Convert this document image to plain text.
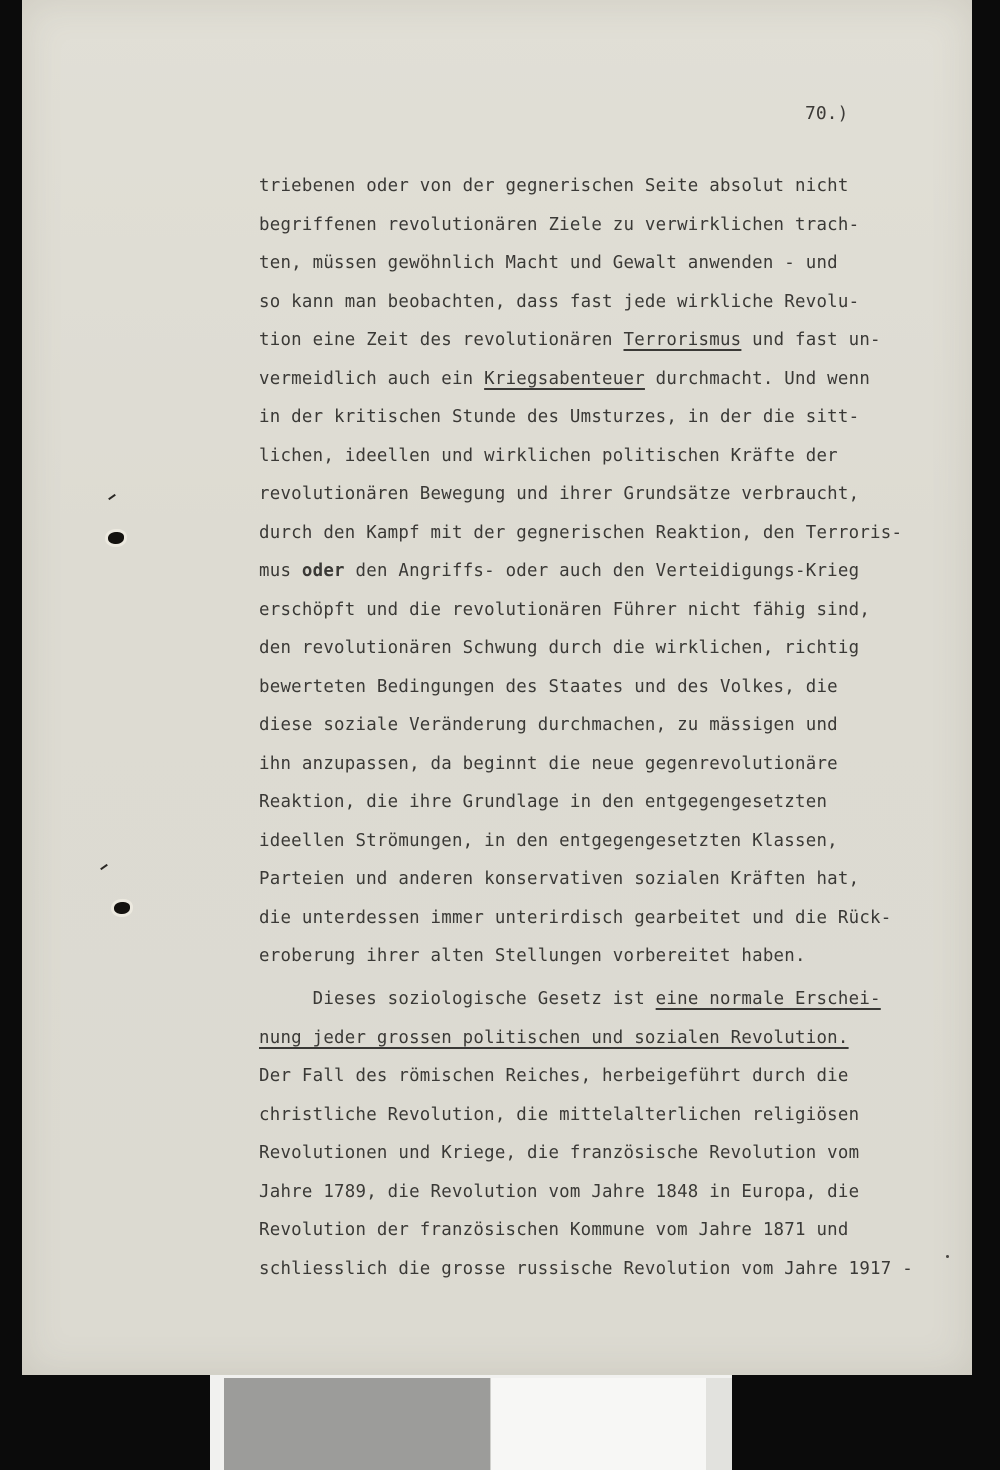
70.)
triebenen oder von der gegnerischen Seite absolut nicht
begriffenen revolutionären Ziele zu verwirklichen trach-
ten, müssen gewöhnlich Macht und Gewalt anwenden - und
so kann man beobachten, dass fast jede wirkliche Revolu-
tion eine Zeit des revolutionären Terrorismus und fast un-
vermeidlich auch ein Kriegsabenteuer durchmacht. Und wenn
in der kritischen Stunde des Umsturzes, in der die sitt-
lichen, ideellen und wirklichen politischen Kräfte der
revolutionären Bewegung und ihrer Grundsätze verbraucht,
durch den Kampf mit der gegnerischen Reaktion, den Terroris-
mus oder den Angriffs- oder auch den Verteidigungs-Krieg
erschöpft und die revolutionären Führer nicht fähig sind,
den revolutionären Schwung durch die wirklichen, richtig
bewerteten Bedingungen des Staates und des Volkes, die
diese soziale Veränderung durchmachen, zu mässigen und
ihn anzupassen, da beginnt die neue gegenrevolutionäre
Reaktion, die ihre Grundlage in den entgegengesetzten
ideellen Strömungen, in den entgegengesetzten Klassen,
Parteien und anderen konservativen sozialen Kräften hat,
die unterdessen immer unterirdisch gearbeitet und die Rück-
eroberung ihrer alten Stellungen vorbereitet haben.
Dieses soziologische Gesetz ist eine normale Erschei-
nung jeder grossen politischen und sozialen Revolution.
Der Fall des römischen Reiches, herbeigeführt durch die
christliche Revolution, die mittelalterlichen religiösen
Revolutionen und Kriege, die französische Revolution vom
Jahre 1789, die Revolution vom Jahre 1848 in Europa, die
Revolution der französischen Kommune vom Jahre 1871 und
schliesslich die grosse russische Revolution vom Jahre 1917 -
